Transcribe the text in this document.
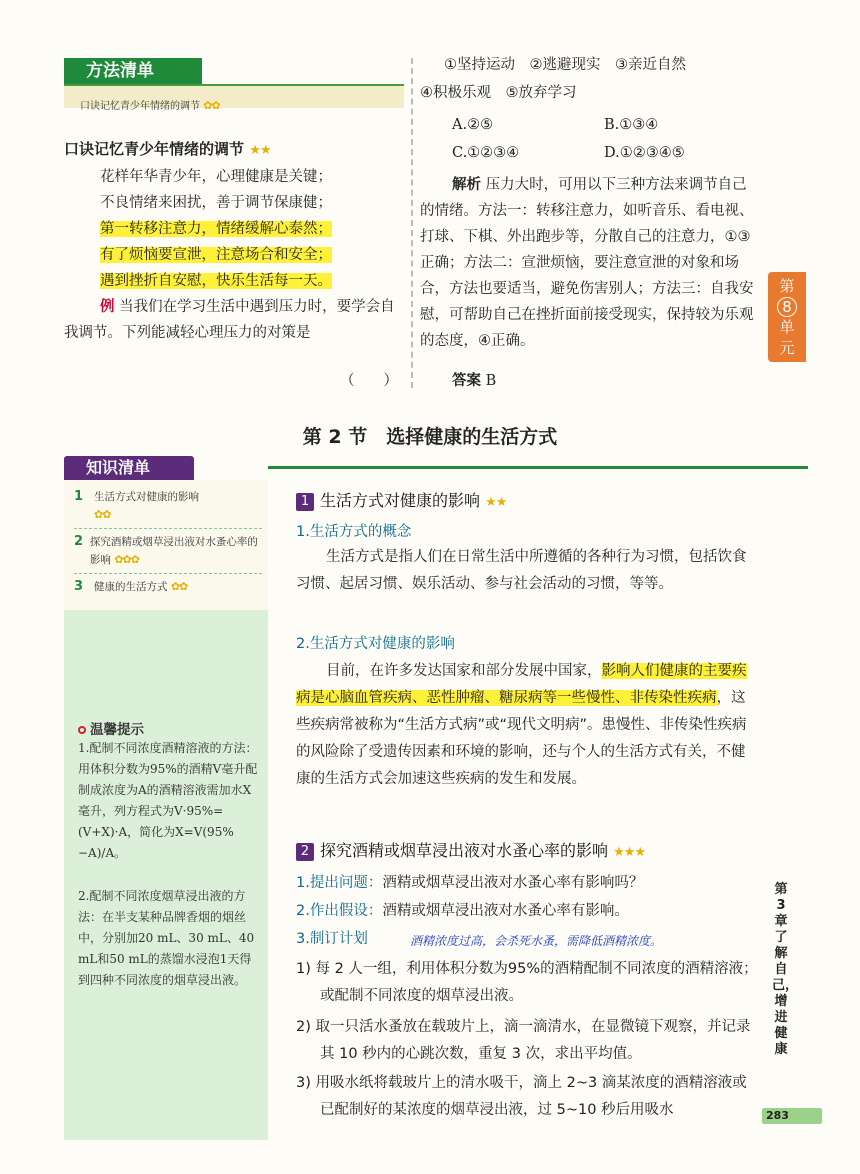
方法清单
口诀记忆青少年情绪的调节 ✿✿
口诀记忆青少年情绪的调节 ★★
花样年华青少年，心理健康是关键；
不良情绪来困扰，善于调节保康健；
第一转移注意力，情绪缓解心泰然；
有了烦恼要宣泄，注意场合和安全；
遇到挫折自安慰，快乐生活每一天。
例 当我们在学习生活中遇到压力时，要学会自我调节。下列能减轻心理压力的对策是
（　　）
①坚持运动　②逃避现实　③亲近自然
④积极乐观　⑤放弃学习
A.②⑤	B.①③④
C.①②③④	D.①②③④⑤
解析 压力大时，可用以下三种方法来调节自己的情绪。方法一：转移注意力，如听音乐、看电视、打球、下棋、外出跑步等，分散自己的注意力，①③正确；方法二：宣泄烦恼，要注意宣泄的对象和场合，方法也要适当，避免伤害别人；方法三：自我安慰，可帮助自己在挫折面前接受现实，保持较为乐观的态度，④正确。
答案 B
第
8
单
元
第 2 节　选择健康的生活方式
知识清单
1	生活方式对健康的影响
✿✿
2 探究酒精或烟草浸出液对水蚤心率的影响 ✿✿✿
3	健康的生活方式 ✿✿
温馨提示
1.配制不同浓度酒精溶液的方法：用体积分数为95%的酒精V毫升配制成浓度为A的酒精溶液需加水X毫升，列方程式为V·95%=(V+X)·A，简化为X=V(95%−A)/A。
2.配制不同浓度烟草浸出液的方法：在半支某种品牌香烟的烟丝中，分别加20 mL、30 mL、40 mL和50 mL的蒸馏水浸泡1天得到四种不同浓度的烟草浸出液。
1 生活方式对健康的影响 ★★
1.生活方式的概念
生活方式是指人们在日常生活中所遵循的各种行为习惯，包括饮食习惯、起居习惯、娱乐活动、参与社会活动的习惯，等等。
2.生活方式对健康的影响
目前，在许多发达国家和部分发展中国家，影响人们健康的主要疾病是心脑血管疾病、恶性肿瘤、糖尿病等一些慢性、非传染性疾病，这些疾病常被称为“生活方式病”或“现代文明病”。患慢性、非传染性疾病的风险除了受遗传因素和环境的影响，还与个人的生活方式有关，不健康的生活方式会加速这些疾病的发生和发展。
2 探究酒精或烟草浸出液对水蚤心率的影响 ★★★
1.提出问题：酒精或烟草浸出液对水蚤心率有影响吗？
2.作出假设：酒精或烟草浸出液对水蚤心率有影响。
3.制订计划	酒精浓度过高，会杀死水蚤，需降低酒精浓度。
1) 每 2 人一组，利用体积分数为95%的酒精配制不同浓度的酒精溶液；或配制不同浓度的烟草浸出液。
2) 取一只活水蚤放在载玻片上，滴一滴清水，在显微镜下观察，并记录其 10 秒内的心跳次数，重复 3 次，求出平均值。
3) 用吸水纸将载玻片上的清水吸干，滴上 2~3 滴某浓度的酒精溶液或已配制好的某浓度的烟草浸出液，过 5~10 秒后用吸水
第3章　了解自己，增进健康
283
